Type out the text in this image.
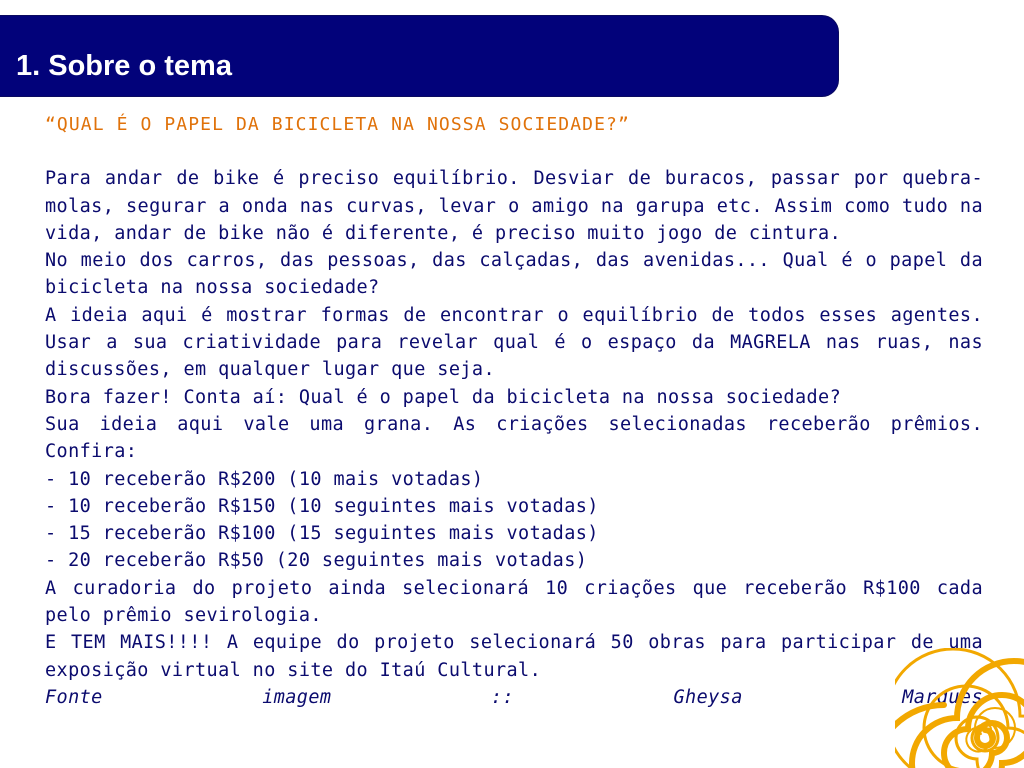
1. Sobre o tema

“QUAL É O PAPEL DA BICICLETA NA NOSSA SOCIEDADE?”

Para andar de bike é preciso equilíbrio. Desviar de buracos, passar por quebra-molas, segurar a onda nas curvas, levar o amigo na garupa etc. Assim como tudo na vida, andar de bike não é diferente, é preciso muito jogo de cintura.

No meio dos carros, das pessoas, das calçadas, das avenidas... Qual é o papel da bicicleta na nossa sociedade?

A ideia aqui é mostrar formas de encontrar o equilíbrio de todos esses agentes. Usar a sua criatividade para revelar qual é o espaço da MAGRELA nas ruas, nas discussões, em qualquer lugar que seja.

Bora fazer! Conta aí: Qual é o papel da bicicleta na nossa sociedade?

Sua ideia aqui vale uma grana. As criações selecionadas receberão prêmios. Confira:

- 10 receberão R$200 (10 mais votadas)

- 10 receberão R$150 (10 seguintes mais votadas)

- 15 receberão R$100 (15 seguintes mais votadas)

- 20 receberão R$50 (20 seguintes mais votadas)

A curadoria do projeto ainda selecionará 10 criações que receberão R$100 cada pelo prêmio sevirologia.

E TEM MAIS!!!! A equipe do projeto selecionará 50 obras para participar de uma exposição virtual no site do Itaú Cultural.

Fonte imagem :: Gheysa Marques
